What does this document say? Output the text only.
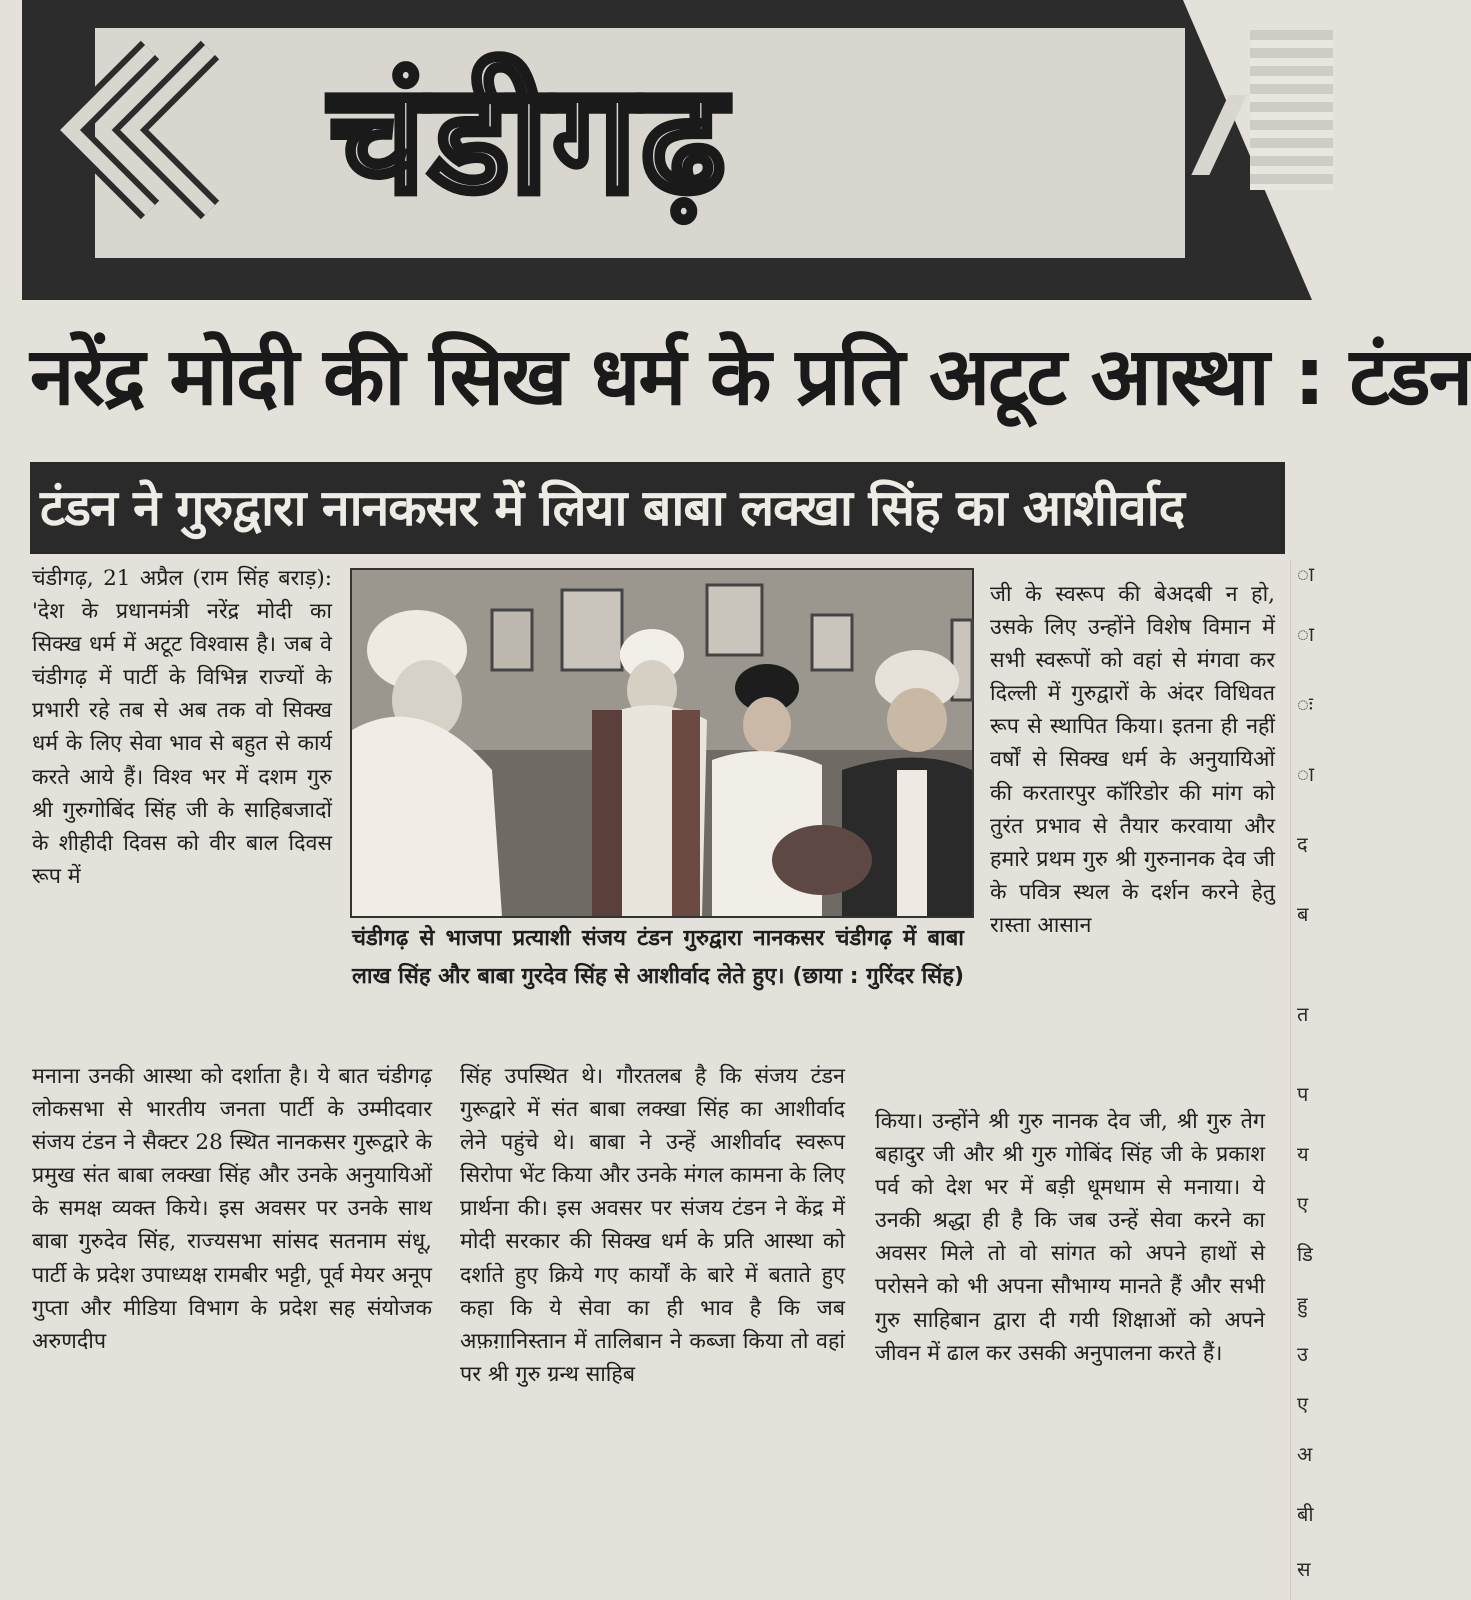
चंडीगढ़
नरेंद्र मोदी की सिख धर्म के प्रति अटूट आस्था : टंडन
टंडन ने गुरुद्वारा नानकसर में लिया बाबा लक्खा सिंह का आशीर्वाद
चंडीगढ़, 21 अप्रैल (राम सिंह बराड़): 'देश के प्रधानमंत्री नरेंद्र मोदी का सिक्ख धर्म में अटूट विश्वास है। जब वे चंडीगढ़ में पार्टी के विभिन्न राज्यों के प्रभारी रहे तब से अब तक वो सिक्ख धर्म के लिए सेवा भाव से बहुत से कार्य करते आये हैं। विश्व भर में दशम गुरु श्री गुरुगोबिंद सिंह जी के साहिबजादों के शीहीदी दिवस को वीर बाल दिवस रूप में
मनाना उनकी आस्था को दर्शाता है। ये बात चंडीगढ़ लोकसभा से भारतीय जनता पार्टी के उम्मीदवार संजय टंडन ने सैक्टर 28 स्थित नानकसर गुरूद्वारे के प्रमुख संत बाबा लक्खा सिंह और उनके अनुयायिओं के समक्ष व्यक्त किये। इस अवसर पर उनके साथ बाबा गुरुदेव सिंह, राज्यसभा सांसद सतनाम संधू, पार्टी के प्रदेश उपाध्यक्ष रामबीर भट्टी, पूर्व मेयर अनूप गुप्ता और मीडिया विभाग के प्रदेश सह संयोजक अरुणदीप
सिंह उपस्थित थे। गौरतलब है कि संजय टंडन गुरूद्वारे में संत बाबा लक्खा सिंह का आशीर्वाद लेने पहुंचे थे। बाबा ने उन्हें आशीर्वाद स्वरूप सिरोपा भेंट किया और उनके मंगल कामना के लिए प्रार्थना की। इस अवसर पर संजय टंडन ने केंद्र में मोदी सरकार की सिक्ख धर्म के प्रति आस्था को दर्शाते हुए क्रिये गए कार्यों के बारे में बताते हुए कहा कि ये सेवा का ही भाव है कि जब अफ़ग़ानिस्तान में तालिबान ने कब्जा किया तो वहां पर श्री गुरु ग्रन्थ साहिब
जी के स्वरूप की बेअदबी न हो, उसके लिए उन्होंने विशेष विमान में सभी स्वरूपों को वहां से मंगवा कर दिल्ली में गुरुद्वारों के अंदर विधिवत रूप से स्थापित किया। इतना ही नहीं वर्षों से सिक्ख धर्म के अनुयायिओं की करतारपुर कॉरिडोर की मांग को तुरंत प्रभाव से तैयार करवाया और हमारे प्रथम गुरु श्री गुरुनानक देव जी के पवित्र स्थल के दर्शन करने हेतु रास्ता आसान
किया। उन्होंने श्री गुरु नानक देव जी, श्री गुरु तेग बहादुर जी और श्री गुरु गोबिंद सिंह जी के प्रकाश पर्व को देश भर में बड़ी धूमधाम से मनाया। ये उनकी श्रद्धा ही है कि जब उन्हें सेवा करने का अवसर मिले तो वो सांगत को अपने हाथों से परोसने को भी अपना सौभाग्य मानते हैं और सभी गुरु साहिबान द्वारा दी गयी शिक्षाओं को अपने जीवन में ढाल कर उसकी अनुपालना करते हैं।
चंडीगढ़ से भाजपा प्रत्याशी संजय टंडन गुरुद्वारा नानकसर चंडीगढ़ में बाबा लाख सिंह और बाबा गुरदेव सिंह से आशीर्वाद लेते हुए। (छाया : गुरिंदर सिंह)
ा
ा
ः
ा
द
ब
त
प
य
ए
डि
हु
उ
ए
अ
बी
स
